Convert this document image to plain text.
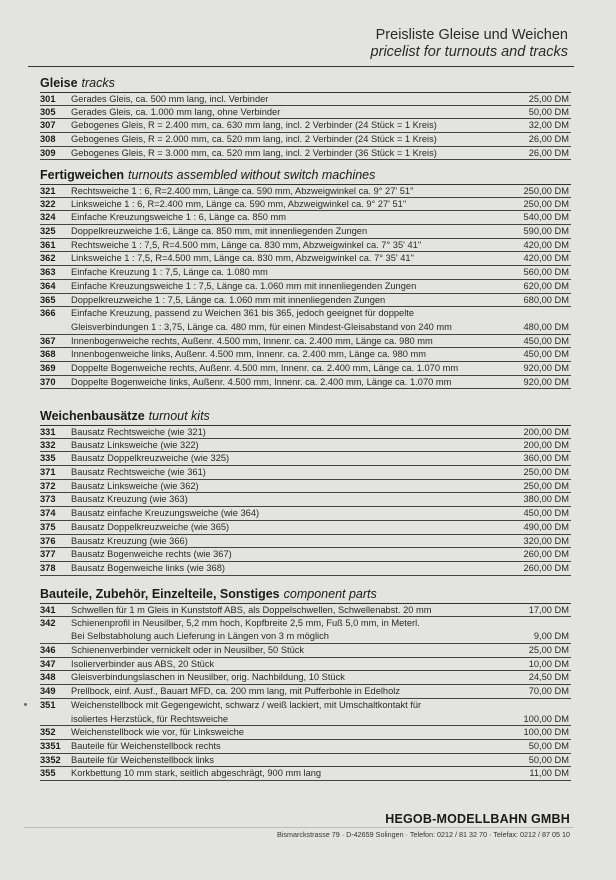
Preisliste Gleise und Weichen
pricelist for turnouts and tracks
Gleise tracks
301	Gerades Gleis, ca. 500 mm lang, incl. Verbinder	25,00 DM
305	Gerades Gleis, ca. 1.000 mm lang, ohne Verbinder	50,00 DM
307	Gebogenes Gleis, R = 2.400 mm, ca. 630 mm lang, incl. 2 Verbinder (24 Stück = 1 Kreis)	32,00 DM
308	Gebogenes Gleis, R = 2.000 mm, ca. 520 mm lang, incl. 2 Verbinder (24 Stück = 1 Kreis)	26,00 DM
309	Gebogenes Gleis, R = 3.000 mm, ca. 520 mm lang, incl. 2 Verbinder (36 Stück = 1 Kreis)	26,00 DM
Fertigweichen turnouts assembled without switch machines
321	Rechtsweiche 1 : 6, R=2.400 mm, Länge ca. 590 mm, Abzweigwinkel ca. 9° 27' 51"	250,00 DM
322	Linksweiche 1 : 6, R=2.400 mm, Länge ca. 590 mm, Abzweigwinkel ca. 9° 27' 51"	250,00 DM
324	Einfache Kreuzungsweiche 1 : 6, Länge ca. 850 mm	540,00 DM
325	Doppelkreuzweiche 1:6, Länge ca. 850 mm, mit innenliegenden Zungen	590,00 DM
361	Rechtsweiche 1 : 7,5, R=4.500 mm, Länge ca. 830 mm, Abzweigwinkel ca. 7° 35' 41"	420,00 DM
362	Linksweiche 1 : 7,5, R=4.500 mm, Länge ca. 830 mm, Abzweigwinkel ca. 7° 35' 41"	420,00 DM
363	Einfache Kreuzung 1 : 7,5, Länge ca. 1.080 mm	560,00 DM
364	Einfache Kreuzungsweiche 1 : 7,5, Länge ca. 1.060 mm mit innenliegenden Zungen	620,00 DM
365	Doppelkreuzweiche 1 : 7,5, Länge ca. 1.060 mm mit innenliegenden Zungen	680,00 DM
366	Einfache Kreuzung, passend zu Weichen 361 bis 365, jedoch geeignet für doppelte
Gleisverbindungen 1 : 3,75, Länge ca. 480 mm, für einen Mindest-Gleisabstand von 240 mm	480,00 DM
367	Innenbogenweiche rechts, Außenr. 4.500 mm, Innenr. ca. 2.400 mm, Länge ca. 980 mm	450,00 DM
368	Innenbogenweiche links, Außenr. 4.500 mm, Innenr. ca. 2.400 mm, Länge ca. 980 mm	450,00 DM
369	Doppelte Bogenweiche rechts, Außenr. 4.500 mm, Innenr. ca. 2.400 mm, Länge ca. 1.070 mm	920,00 DM
370	Doppelte Bogenweiche links, Außenr. 4.500 mm, Innenr. ca. 2.400 mm, Länge ca. 1.070 mm	920,00 DM
Weichenbausätze turnout kits
331	Bausatz Rechtsweiche (wie 321)	200,00 DM
332	Bausatz Linksweiche (wie 322)	200,00 DM
335	Bausatz Doppelkreuzweiche (wie 325)	360,00 DM
371	Bausatz Rechtsweiche (wie 361)	250,00 DM
372	Bausatz Linksweiche (wie 362)	250,00 DM
373	Bausatz Kreuzung (wie 363)	380,00 DM
374	Bausatz einfache Kreuzungsweiche (wie 364)	450,00 DM
375	Bausatz Doppelkreuzweiche (wie 365)	490,00 DM
376	Bausatz Kreuzung (wie 366)	320,00 DM
377	Bausatz Bogenweiche rechts (wie 367)	260,00 DM
378	Bausatz Bogenweiche links (wie 368)	260,00 DM
Bauteile, Zubehör, Einzelteile, Sonstiges component parts
341	Schwellen für 1 m Gleis in Kunststoff ABS, als Doppelschwellen, Schwellenabst. 20 mm	17,00 DM
342	Schienenprofil in Neusilber, 5,2 mm hoch, Kopfbreite 2,5 mm, Fuß 5,0 mm, in Meterl.
Bei Selbstabholung auch Lieferung in Längen von 3 m möglich	9,00 DM
346	Schienenverbinder vernickelt oder in Neusilber, 50 Stück	25,00 DM
347	Isolierverbinder aus ABS, 20 Stück	10,00 DM
348	Gleisverbindungslaschen in Neusilber, orig. Nachbildung, 10 Stück	24,50 DM
349	Prellbock, einf. Ausf., Bauart MFD, ca. 200 mm lang, mit Pufferbohle in Edelholz	70,00 DM
351	Weichenstellbock mit Gegengewicht, schwarz / weiß lackiert, mit Umschaltkontakt für
isoliertes Herzstück, für Rechtsweiche	100,00 DM
352	Weichenstellbock wie vor, für Linksweiche	100,00 DM
3351	Bauteile für Weichenstellbock rechts	50,00 DM
3352	Bauteile für Weichenstellbock links	50,00 DM
355	Korkbettung 10 mm stark, seitlich abgeschrägt, 900 mm lang	11,00 DM
HEGOB-MODELLBAHN GMBH
Bismarckstrasse 79 · D-42659 Solingen · Telefon: 0212 / 81 32 70 · Telefax: 0212 / 87 05 10
